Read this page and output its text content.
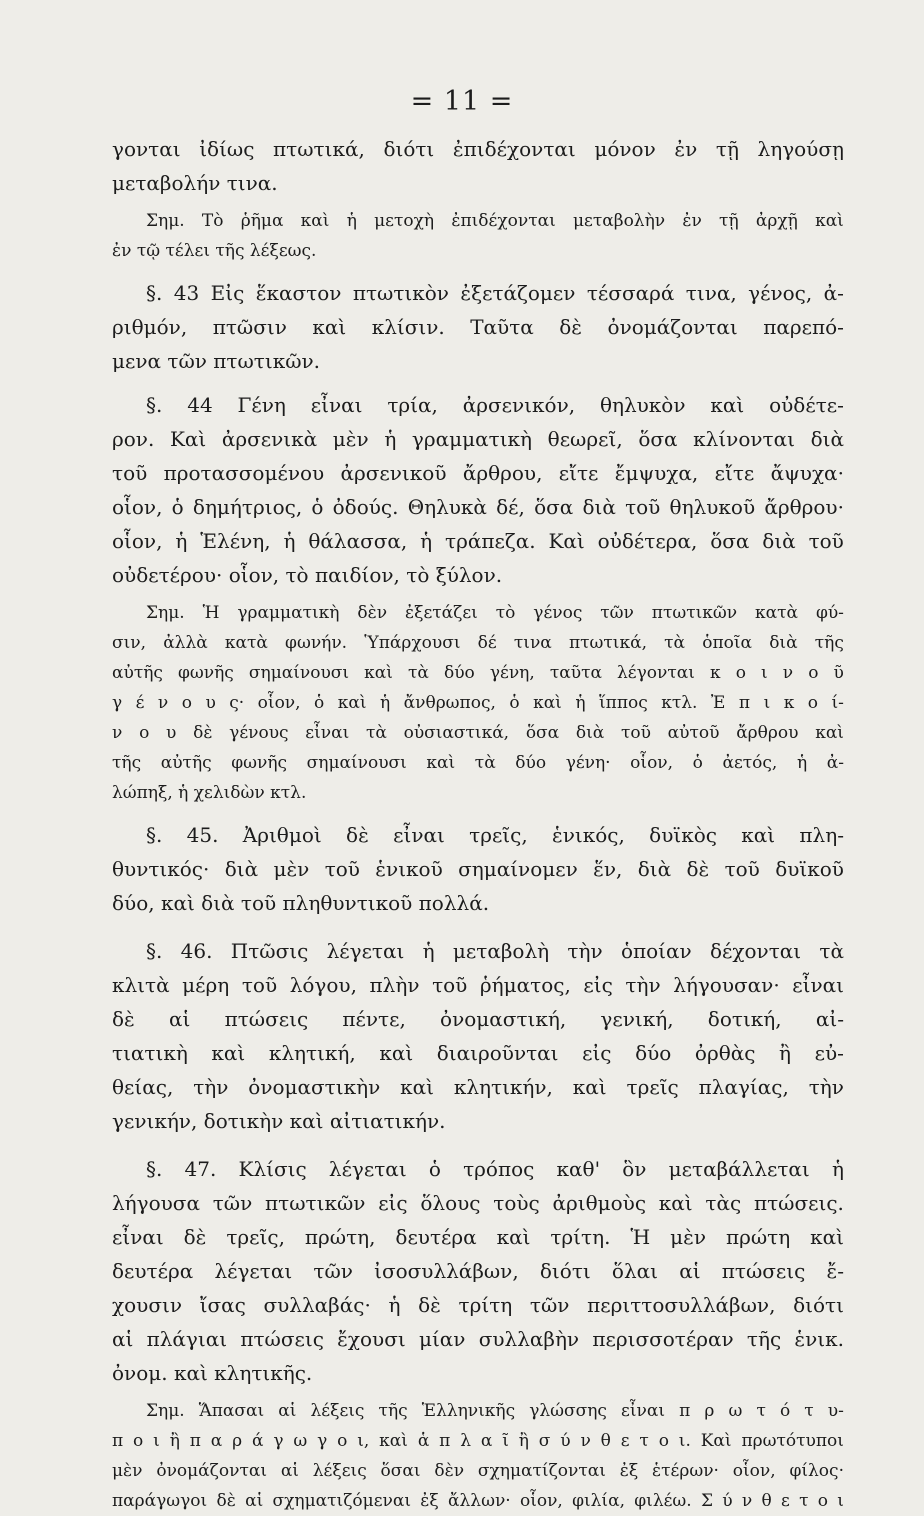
= 11 =
γονται ἰδίως πτωτικά, διότι ἐπιδέχονται μόνον ἐν τῇ ληγούσῃ
μεταβολήν τινα.
Σημ. Τὸ ῥῆμα καὶ ἡ μετοχὴ ἐπιδέχονται μεταβολὴν ἐν τῇ ἀρχῇ καὶ
ἐν τῷ τέλει τῆς λέξεως.
§. 43 Εἰς ἕκαστον πτωτικὸν ἐξετάζομεν τέσσαρά τινα, γένος, ἀ-
ριθμόν, πτῶσιν καὶ κλίσιν. Ταῦτα δὲ ὀνομάζονται παρεπό-
μενα τῶν πτωτικῶν.
§. 44 Γένη εἶναι τρία, ἀρσενικόν, θηλυκὸν καὶ οὐδέτε-
ρον. Καὶ ἀρσενικὰ μὲν ἡ γραμματικὴ θεωρεῖ, ὅσα κλίνονται διὰ
τοῦ προτασσομένου ἀρσενικοῦ ἄρθρου, εἴτε ἔμψυχα, εἴτε ἄψυχα·
οἷον, ὁ δημήτριος, ὁ ὀδούς. Θηλυκὰ δέ, ὅσα διὰ τοῦ θηλυκοῦ ἄρθρου·
οἷον, ἡ Ἑλένη, ἡ θάλασσα, ἡ τράπεζα. Καὶ οὐδέτερα, ὅσα διὰ τοῦ
οὐδετέρου· οἷον, τὸ παιδίον, τὸ ξύλον.
Σημ. Ἡ γραμματικὴ δὲν ἐξετάζει τὸ γένος τῶν πτωτικῶν κατὰ φύ-
σιν, ἀλλὰ κατὰ φωνήν. Ὑπάρχουσι δέ τινα πτωτικά, τὰ ὁποῖα διὰ τῆς
αὐτῆς φωνῆς σημαίνουσι καὶ τὰ δύο γένη, ταῦτα λέγονται κ ο ι ν ο ῦ
γ έ ν ο υ ς· οἷον, ὁ καὶ ἡ ἄνθρωπος, ὁ καὶ ἡ ἵππος κτλ. Ἐ π ι κ ο ί-
ν ο υ δὲ γένους εἶναι τὰ οὐσιαστικά, ὅσα διὰ τοῦ αὐτοῦ ἄρθρου καὶ
τῆς αὐτῆς φωνῆς σημαίνουσι καὶ τὰ δύο γένη· οἷον, ὁ ἀετός, ἡ ἀ-
λώπηξ, ἡ χελιδὼν κτλ.
§. 45. Ἀριθμοὶ δὲ εἶναι τρεῖς, ἑνικός, δυϊκὸς καὶ πλη-
θυντικός· διὰ μὲν τοῦ ἑνικοῦ σημαίνομεν ἕν, διὰ δὲ τοῦ δυϊκοῦ
δύο, καὶ διὰ τοῦ πληθυντικοῦ πολλά.
§. 46. Πτῶσις λέγεται ἡ μεταβολὴ τὴν ὁποίαν δέχονται τὰ
κλιτὰ μέρη τοῦ λόγου, πλὴν τοῦ ῥήματος, εἰς τὴν λήγουσαν· εἶναι
δὲ αἱ πτώσεις πέντε, ὀνομαστική, γενική, δοτική, αἰ-
τιατικὴ καὶ κλητική, καὶ διαιροῦνται εἰς δύο ὀρθὰς ἢ εὐ-
θείας, τὴν ὀνομαστικὴν καὶ κλητικήν, καὶ τρεῖς πλαγίας, τὴν
γενικήν, δοτικὴν καὶ αἰτιατικήν.
§. 47. Κλίσις λέγεται ὁ τρόπος καθ' ὃν μεταβάλλεται ἡ
λήγουσα τῶν πτωτικῶν εἰς ὅλους τοὺς ἀριθμοὺς καὶ τὰς πτώσεις.
εἶναι δὲ τρεῖς, πρώτη, δευτέρα καὶ τρίτη. Ἡ μὲν πρώτη καὶ
δευτέρα λέγεται τῶν ἰσοσυλλάβων, διότι ὅλαι αἱ πτώσεις ἔ-
χουσιν ἴσας συλλαβάς· ἡ δὲ τρίτη τῶν περιττοσυλλάβων, διότι
αἱ πλάγιαι πτώσεις ἔχουσι μίαν συλλαβὴν περισσοτέραν τῆς ἑνικ.
ὀνομ. καὶ κλητικῆς.
Σημ. Ἅπασαι αἱ λέξεις τῆς Ἑλληνικῆς γλώσσης εἶναι π ρ ω τ ό τ υ-
π ο ι ἢ π α ρ ά γ ω γ ο ι, καὶ ἁ π λ α ῖ ἢ σ ύ ν θ ε τ ο ι. Καὶ πρωτότυποι
μὲν ὀνομάζονται αἱ λέξεις ὅσαι δὲν σχηματίζονται ἐξ ἑτέρων· οἷον, φίλος·
παράγωγοι δὲ αἱ σχηματιζόμεναι ἐξ ἄλλων· οἷον, φιλία, φιλέω. Σ ύ ν θ ε τ ο ι
